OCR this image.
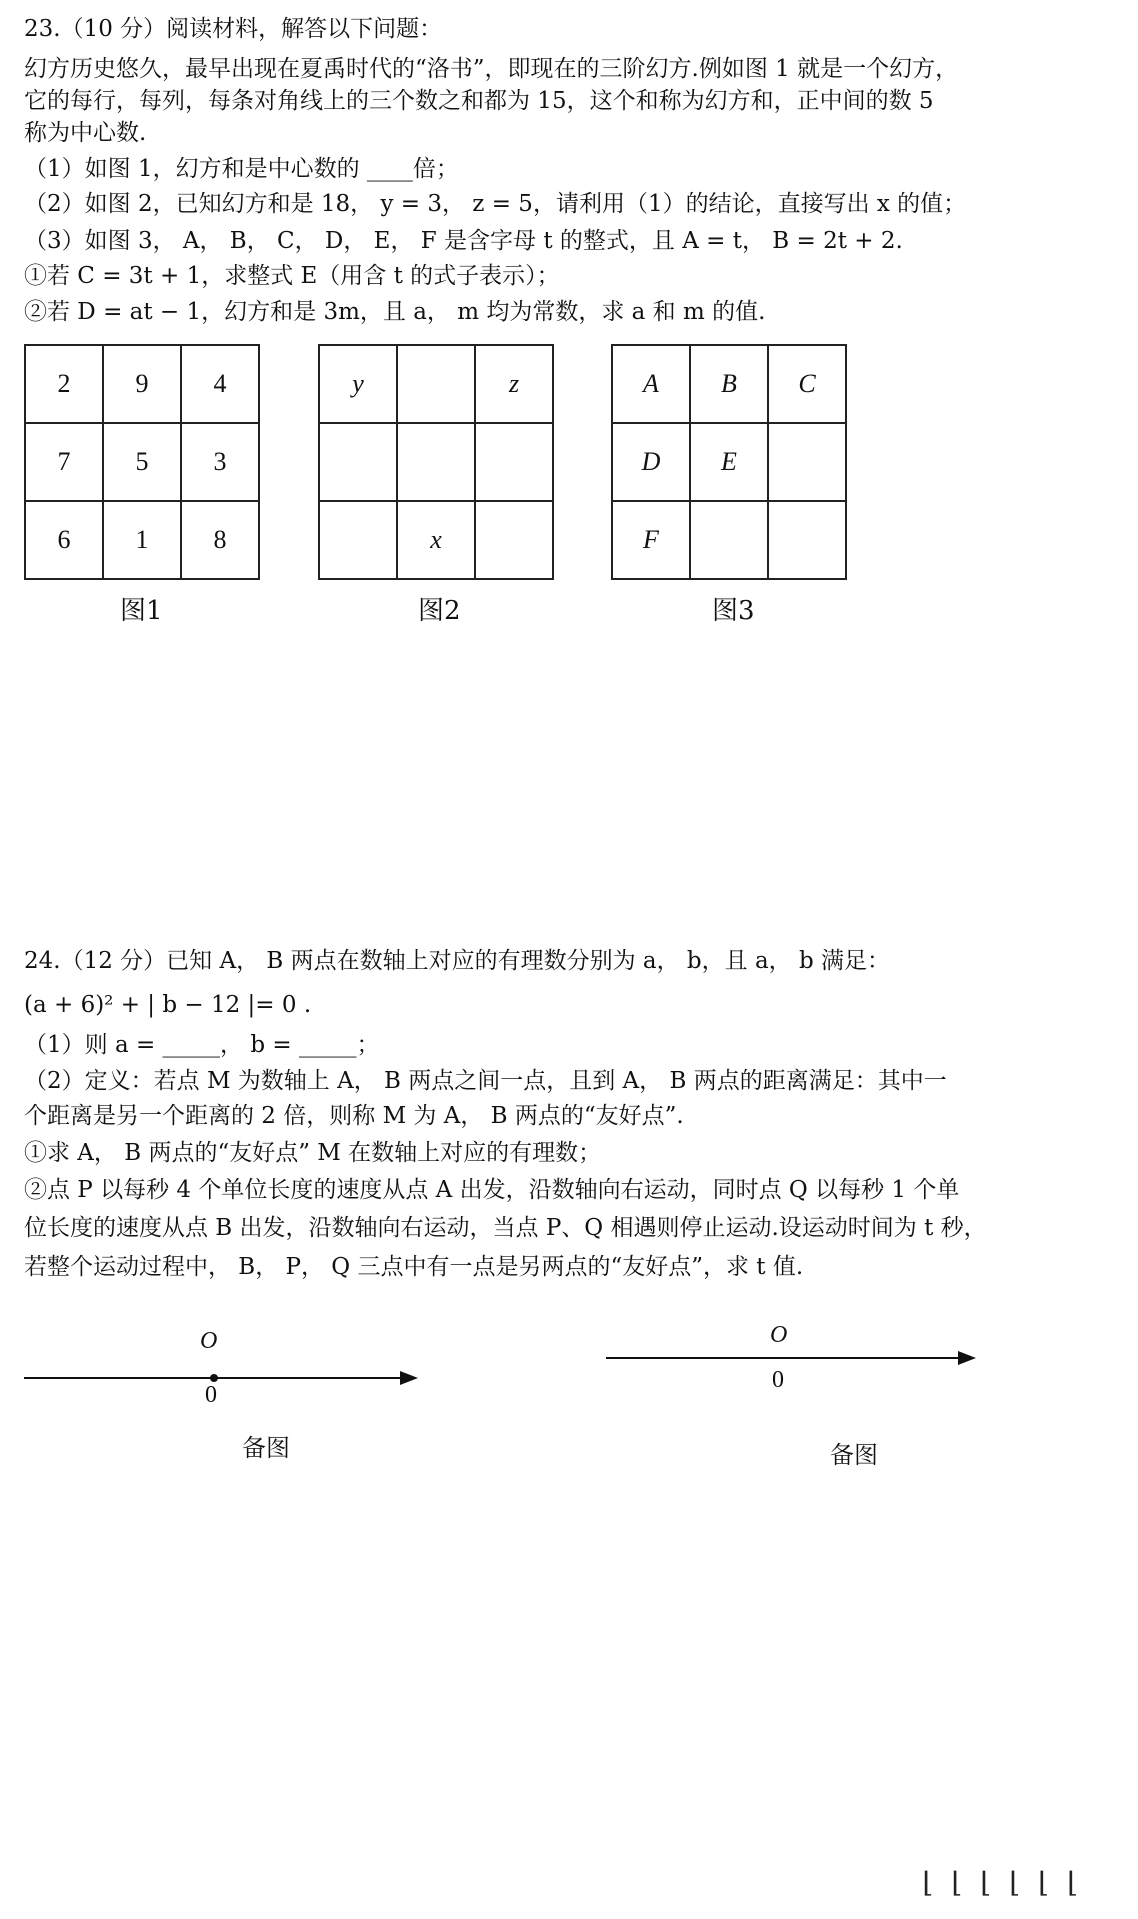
23.（10 分）阅读材料，解答以下问题：
幻方历史悠久，最早出现在夏禹时代的“洛书”，即现在的三阶幻方.例如图 1 就是一个幻方，
它的每行，每列，每条对角线上的三个数之和都为 15，这个和称为幻方和，正中间的数 5
称为中心数.
（1）如图 1，幻方和是中心数的 ____倍；
（2）如图 2，已知幻方和是 18， y = 3， z = 5，请利用（1）的结论，直接写出 x 的值；
（3）如图 3， A， B， C， D， E， F 是含字母 t 的整式，且 A = t， B = 2t + 2.
①若 C = 3t + 1，求整式 E（用含 t 的式子表示）；
②若 D = at − 1，幻方和是 3m，且 a， m 均为常数，求 a 和 m 的值.
2	9	4
7	5	3
6	1	8
图1
y		z

	x	
图2
A	B	C
D	E	
F		
图3
24.（12 分）已知 A， B 两点在数轴上对应的有理数分别为 a， b，且 a， b 满足：
(a + 6)² + | b − 12 |= 0 .
（1）则 a = _____， b = _____；
（2）定义：若点 M 为数轴上 A， B 两点之间一点，且到 A， B 两点的距离满足：其中一
个距离是另一个距离的 2 倍，则称 M 为 A， B 两点的“友好点”.
①求 A， B 两点的“友好点” M 在数轴上对应的有理数；
②点 P 以每秒 4 个单位长度的速度从点 A 出发，沿数轴向右运动，同时点 Q 以每秒 1 个单
位长度的速度从点 B 出发，沿数轴向右运动，当点 P、Q 相遇则停止运动.设运动时间为 t 秒，
若整个运动过程中， B， P， Q 三点中有一点是另两点的“友好点”，求 t 值.
O
0
备图
O
0
备图
⌊ ⌊ ⌊ ⌊ ⌊ ⌊
